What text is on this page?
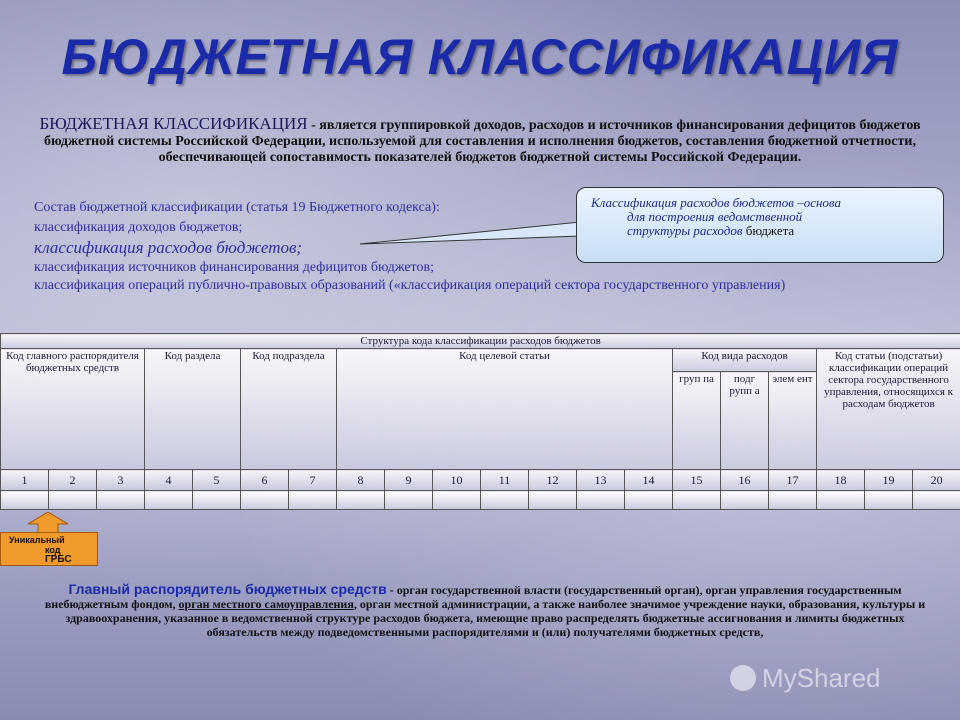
БЮДЖЕТНАЯ КЛАССИФИКАЦИЯ
БЮДЖЕТНАЯ КЛАССИФИКАЦИЯ - является группировкой доходов, расходов и источников финансирования дефицитов бюджетов бюджетной системы Российской Федерации, используемой для составления и исполнения бюджетов, составления бюджетной отчетности, обеспечивающей сопоставимость показателей бюджетов бюджетной системы Российской Федерации.
Состав бюджетной классификации (статья 19 Бюджетного кодекса):
классификация доходов бюджетов;
классификация расходов бюджетов;
классификация источников финансирования дефицитов бюджетов;
классификация операций публично-правовых образований («классификация операций сектора государственного управления)
Классификация расходов бюджетов –основа
для построения ведомственной
структуры расходов бюджета
Структура кода классификации расходов бюджетов																			
Код главного распорядителя бюджетных средств			Код раздела		Код подраздела		Код целевой статьи							Код вида расходов			Код статьи (подстатьи) классификации операций сектора государственного управления, относящихся к расходам бюджетов		
														груп па	подг рупп а	элем ент			
1	2	3	4	5	6	7	8	9	10	11	12	13	14	15	16	17	18	19	20

Уникальный
код
ГРБС
Главный распорядитель бюджетных средств - орган государственной власти (государственный орган), орган управления государственным внебюджетным фондом, орган местного самоуправления, орган местной администрации, а также наиболее значимое учреждение науки, образования, культуры и здравоохранения, указанное в ведомственной структуре расходов бюджета, имеющие право распределять бюджетные ассигнования и лимиты бюджетных обязательств между подведомственными распорядителями и (или) получателями бюджетных средств,
MyShared
